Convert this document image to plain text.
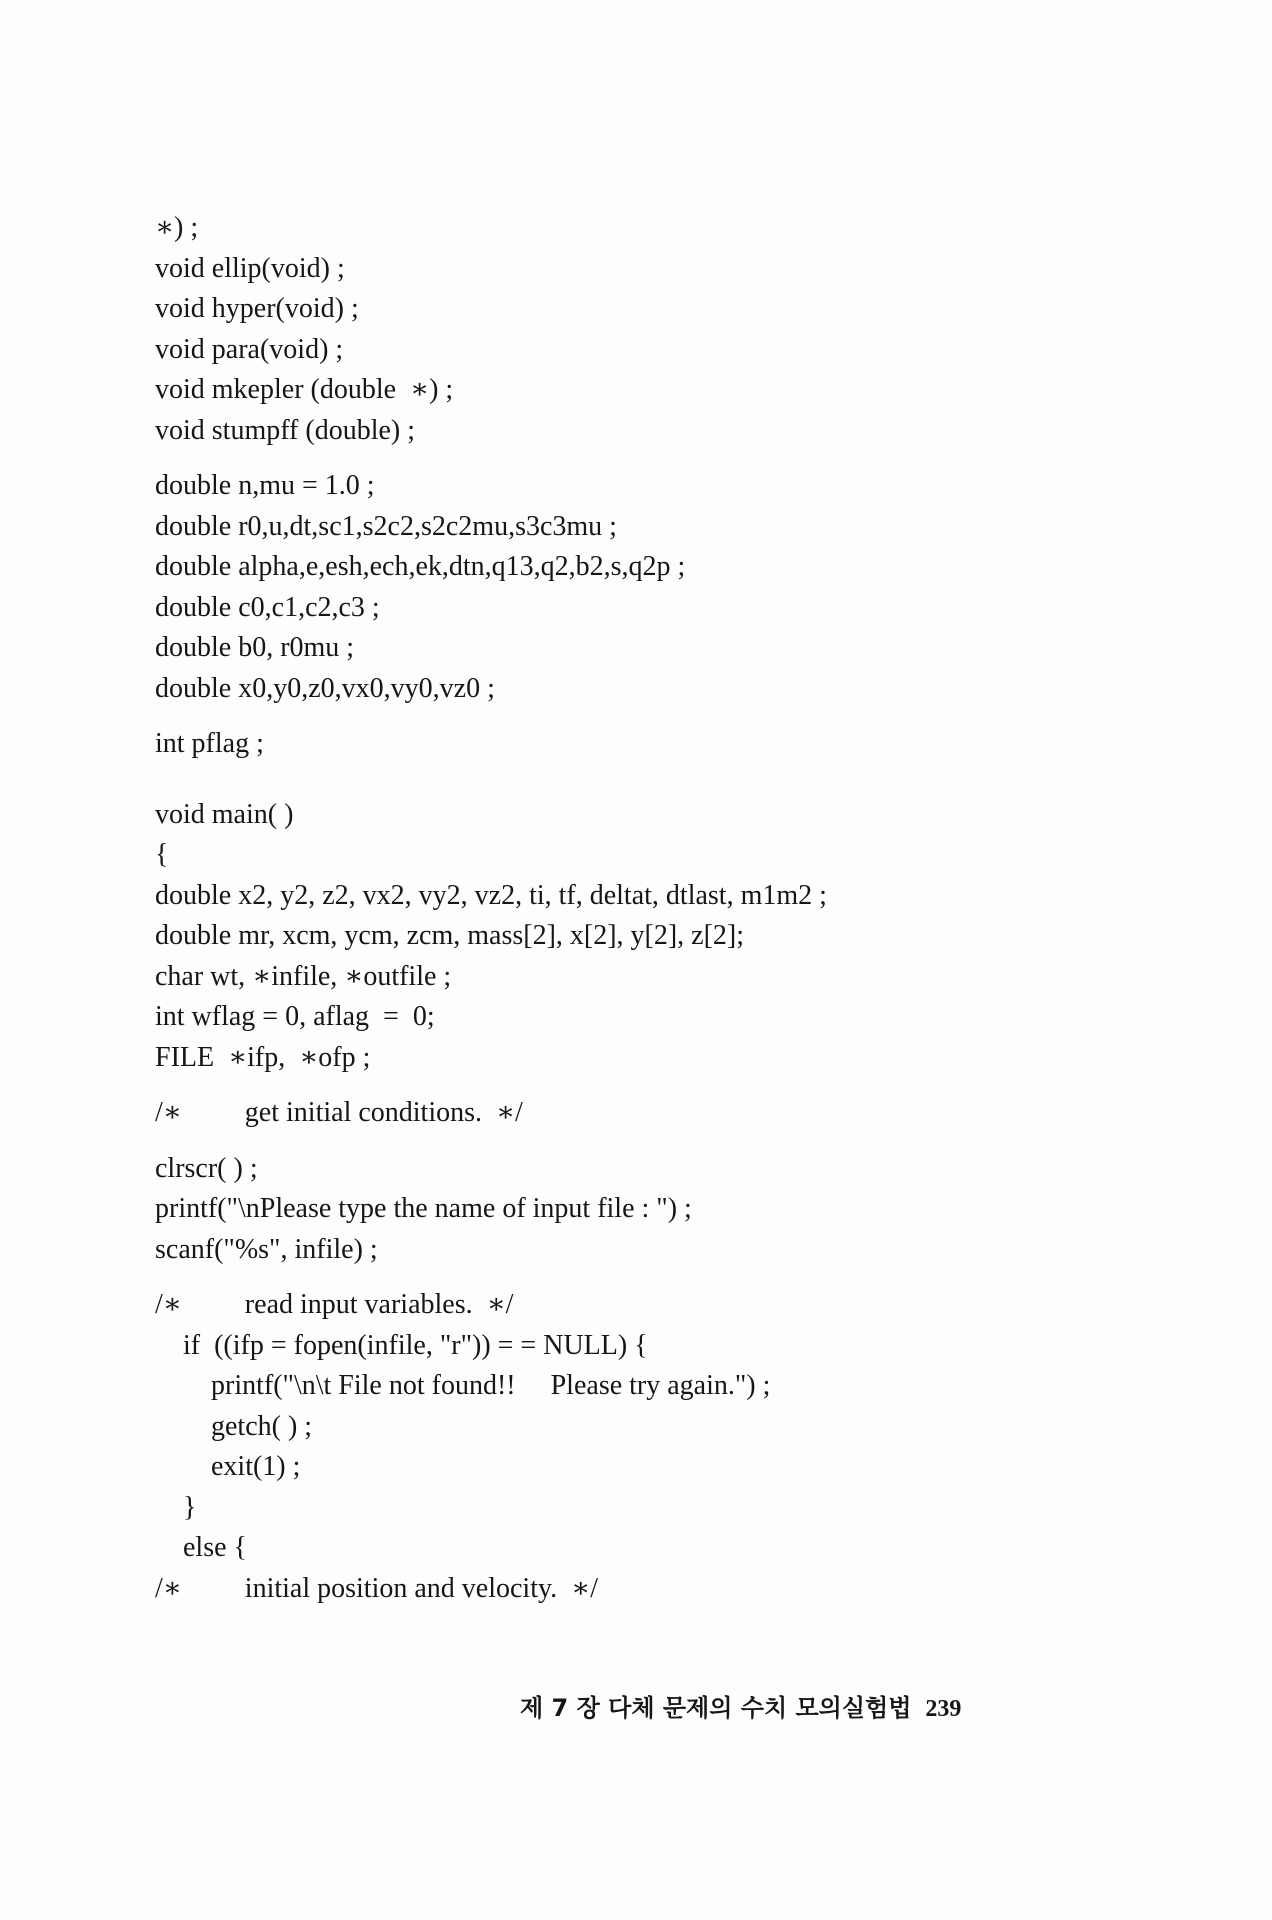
∗) ;
void ellip(void) ;
void hyper(void) ;
void para(void) ;
void mkepler (double  ∗) ;
void stumpff (double) ;
double n,mu = 1.0 ;
double r0,u,dt,sc1,s2c2,s2c2mu,s3c3mu ;
double alpha,e,esh,ech,ek,dtn,q13,q2,b2,s,q2p ;
double c0,c1,c2,c3 ;
double b0, r0mu ;
double x0,y0,z0,vx0,vy0,vz0 ;
int pflag ;
void main( )
{
double x2, y2, z2, vx2, vy2, vz2, ti, tf, deltat, dtlast, m1m2 ;
double mr, xcm, ycm, zcm, mass[2], x[2], y[2], z[2];
char wt, ∗infile, ∗outfile ;
int wflag = 0, aflag  =  0;
FILE  ∗ifp,  ∗ofp ;
/∗         get initial conditions.  ∗/
clrscr( ) ;
printf("\nPlease type the name of input file : ") ;
scanf("%s", infile) ;
/∗         read input variables.  ∗/
if  ((ifp = fopen(infile, "r")) = = NULL) {
printf("\n\t File not found!!     Please try again.") ;
getch( ) ;
exit(1) ;
}
else {
/∗         initial position and velocity.  ∗/
제 7 장 다체 문제의 수치 모의실험법 239
